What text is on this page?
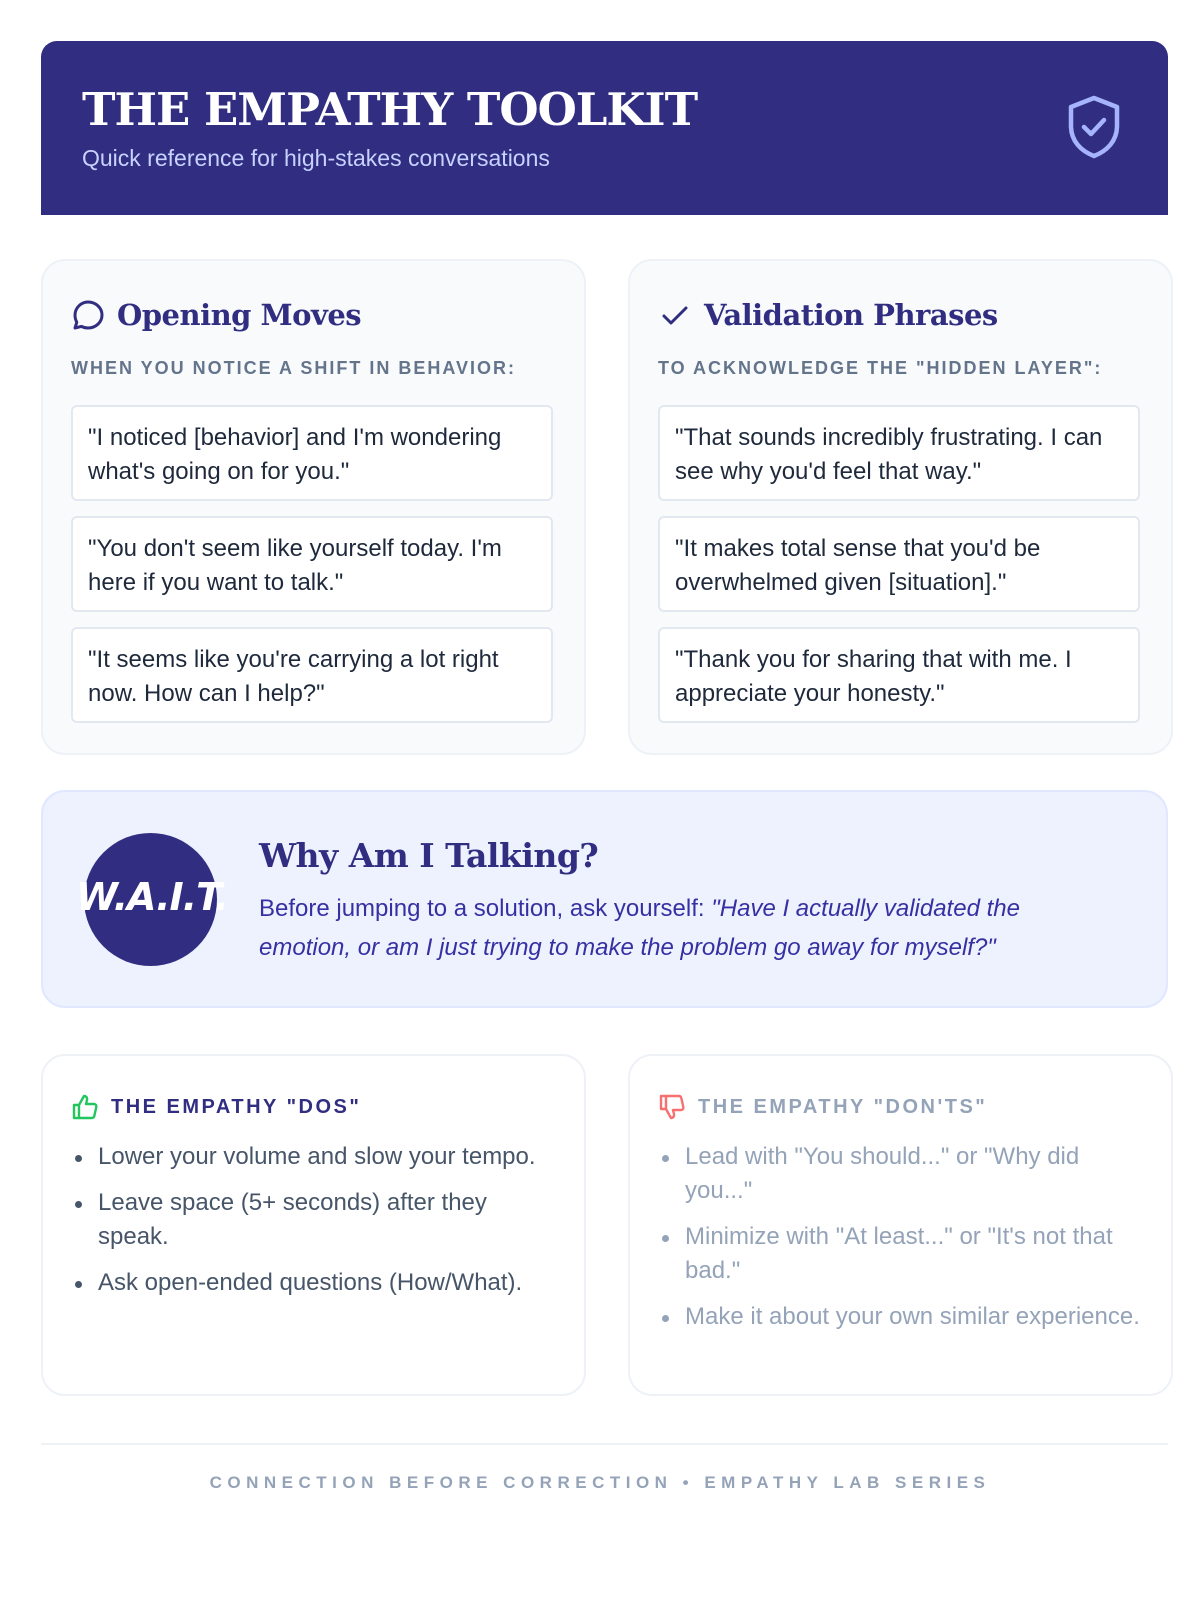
THE EMPATHY TOOLKIT
Quick reference for high-stakes conversations
Opening Moves
WHEN YOU NOTICE A SHIFT IN BEHAVIOR:
"I noticed [behavior] and I'm wondering what's going on for you."
"You don't seem like yourself today. I'm here if you want to talk."
"It seems like you're carrying a lot right now. How can I help?"
Validation Phrases
TO ACKNOWLEDGE THE "HIDDEN LAYER":
"That sounds incredibly frustrating. I can see why you'd feel that way."
"It makes total sense that you'd be overwhelmed given [situation]."
"Thank you for sharing that with me. I appreciate your honesty."
W.A.I.T.
Why Am I Talking?
Before jumping to a solution, ask yourself: "Have I actually validated the emotion, or am I just trying to make the problem go away for myself?"
THE EMPATHY "DOS"
Lower your volume and slow your tempo.
Leave space (5+ seconds) after they speak.
Ask open-ended questions (How/What).
THE EMPATHY "DON'TS"
Lead with "You should..." or "Why did you..."
Minimize with "At least..." or "It's not that bad."
Make it about your own similar experience.
CONNECTION BEFORE CORRECTION • EMPATHY LAB SERIES
